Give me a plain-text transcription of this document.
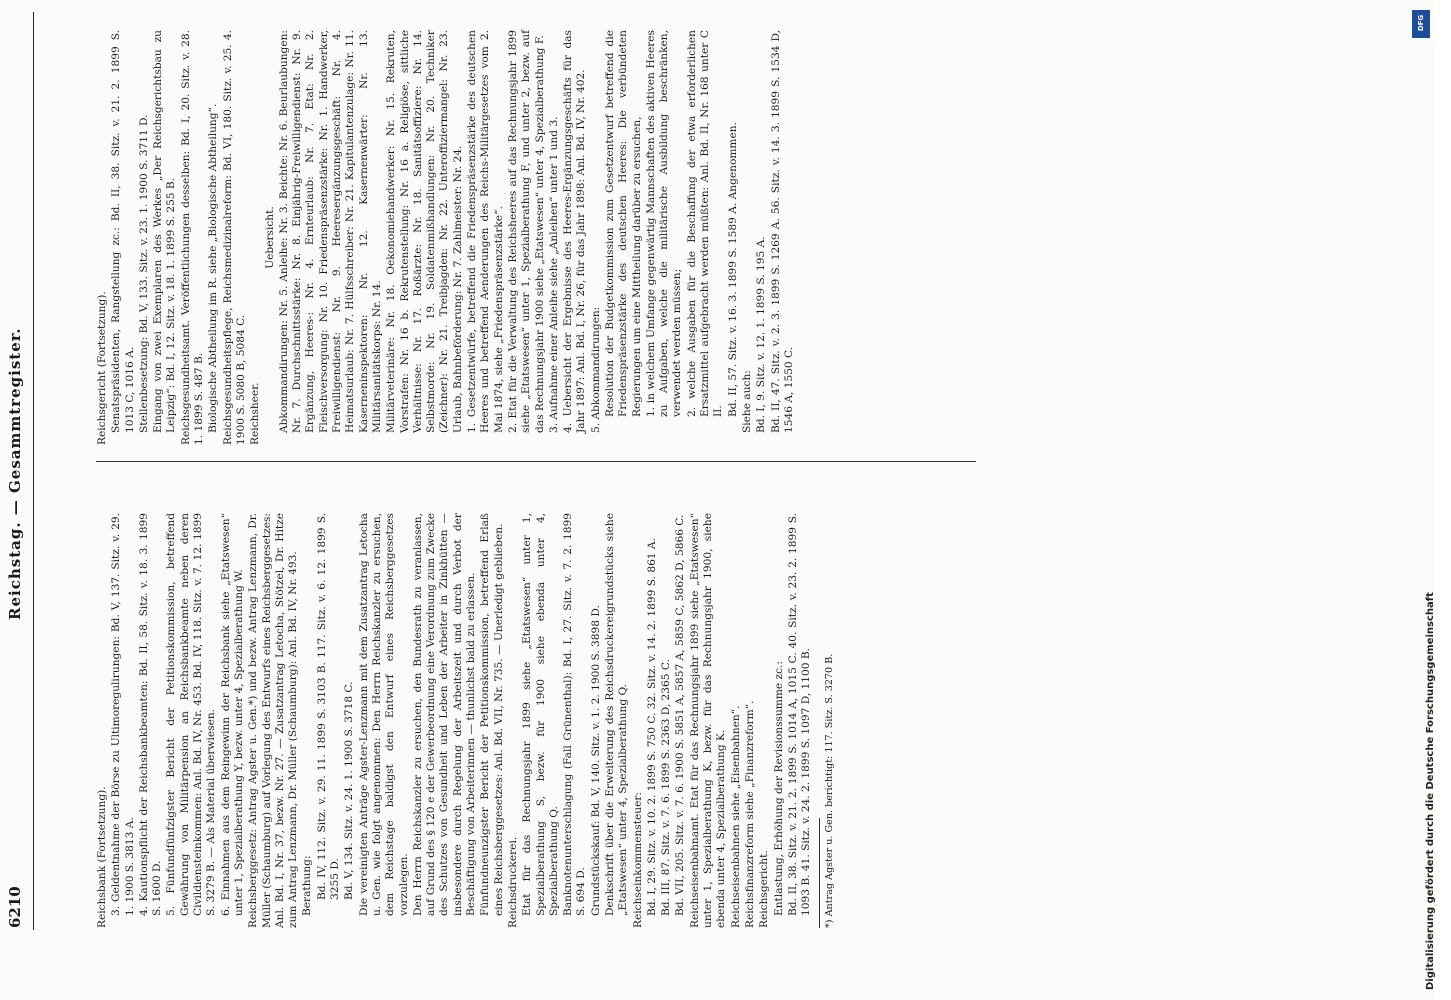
6210
Reichstag. — Gesammtregister.

Reichsbank (Fortsetzung). 3. Geldentnahme der Börse zu Ultimoregulirungen: Bd. V, 137. Sitz. v. 29. 1. 1900 S. 3813 A. 4. Kautionspflicht der Reichsbankbeamten: Bd. II, 58. Sitz. v. 18. 3. 1899 S. 1600 D. 5. Fünfundfünfzigster Bericht der Petitionskommission, betreffend Gewährung von Militärpension an Reichsbankbeamte neben deren Civildiensteinkommen: Anl. Bd. IV, Nr. 453. Bd. IV, 118. Sitz. v. 7. 12. 1899 S. 3279 B. — Als Material überwiesen. 6. Einnahmen aus dem Reingewinn der Reichsbank siehe „Etatswesen“ unter 1, Spezialberathung Y, bezw. unter 4, Spezialberathung W. Reichsberggesetz: Antrag Agster u. Gen.*) und bezw. Antrag Lenzmann, Dr. Müller (Schaumburg) auf Vorlegung des Entwurfs eines Reichsberggesetzes: Anl. Bd. I, Nr. 37, bezw. Nr. 27. — Zusatzantrag Letocha, Stötzel, Dr. Hitze zum Antrag Lenzmann, Dr. Müller (Schaumburg): Anl. Bd. IV, Nr. 493. Berathung: Bd. IV, 112. Sitz. v. 29. 11. 1899 S. 3103 B. 117. Sitz. v. 6. 12. 1899 S. 3255 D. Bd. V, 134. Sitz. v. 24. 1. 1900 S. 3718 C. Die vereinigten Anträge Agster-Lenzmann mit dem Zusatzantrag Letocha u. Gen. wie folgt angenommen: Den Herrn Reichskanzler zu ersuchen, dem Reichstage baldigst den Entwurf eines Reichsberggesetzes vorzulegen. Den Herrn Reichskanzler zu ersuchen, den Bundesrath zu veranlassen, auf Grund des § 120 e der Gewerbeordnung eine Verordnung zum Zwecke des Schutzes von Gesundheit und Leben der Arbeiter in Zinkhütten — insbesondere durch Regelung der Arbeitszeit und durch Verbot der Beschäftigung von Arbeiterinnen — thunlichst bald zu erlassen. Fünfundneunzigster Bericht der Petitionskommission, betreffend Erlaß eines Reichsberggesetzes: Anl. Bd. VII, Nr. 735. — Unerledigt geblieben. Reichsdruckerei. Etat für das Rechnungsjahr 1899 siehe „Etatswesen“ unter 1, Spezialberathung S, bezw. für 1900 siehe ebenda unter 4, Spezialberathung Q. Banknotenunterschlagung (Fall Grünenthal): Bd. I, 27. Sitz. v. 7. 2. 1899 S. 694 D. Grundstückskauf: Bd. V, 140. Sitz. v. 1. 2. 1900 S. 3898 D. Denkschrift über die Erweiterung des Reichsdruckereigrundstücks siehe „Etatswesen“ unter 4, Spezialberathung Q. Reichseinkommensteuer: Bd. I, 29. Sitz. v. 10. 2. 1899 S. 750 C. 32. Sitz. v. 14. 2. 1899 S. 861 A. Bd. III, 87. Sitz. v. 7. 6. 1899 S. 2363 D, 2365 C. Bd. VII, 205. Sitz. v. 7. 6. 1900 S. 5851 A, 5857 A, 5859 C, 5862 D, 5866 C. Reichseisenbahnamt. Etat für das Rechnungsjahr 1899 siehe „Etatswesen“ unter 1, Spezialberathung K, bezw. für das Rechnungsjahr 1900, siehe ebenda unter 4, Spezialberathung K. Reichseisenbahnen siehe „Eisenbahnen“. Reichsfinanzreform siehe „Finanzreform“. Reichsgericht. Entlastung, Erhöhung der Revisionssumme zc.: Bd. II, 38. Sitz. v. 21. 2. 1899 S. 1014 A, 1015 C. 40. Sitz. v. 23. 2. 1899 S. 1093 B. 41. Sitz. v. 24. 2. 1899 S. 1097 D, 1100 B. *) Antrag Agster u. Gen. berichtigt: 117. Sitz. S. 3270 B.

Reichsgericht (Fortsetzung). Senatspräsidenten, Rangstellung zc.: Bd. II, 38. Sitz. v. 21. 2. 1899 S. 1013 C, 1016 A. Stellenbesetzung: Bd. V, 133. Sitz. v. 23. 1. 1900 S. 3711 D. Eingang von zwei Exemplaren des Werkes „Der Reichsgerichtsbau zu Leipzig“: Bd. I, 12. Sitz. v. 18. 1. 1899 S. 255 B. Reichsgesundheitsamt. Veröffentlichungen desselben: Bd. I, 20. Sitz. v. 28. 1. 1899 S. 487 B. Biologische Abtheilung im R. siehe „Biologische Abtheilung“. Reichsgesundheitspflege, Reichsmedizinalreform: Bd. VI, 180. Sitz. v. 25. 4. 1900 S. 5080 B, 5084 C. Reichsheer.

Uebersicht. Abkommandirungen: Nr. 5. Anleihe: Nr. 3. Beichte: Nr. 6. Beurlaubungen: Nr. 7. Durchschnittsstärke: Nr. 8. Einjährig-Freiwilligendienst: Nr. 9. Ergänzung, Heeres-: Nr. 4. Ernteurlaub: Nr. 7. Etat: Nr. 2. Fleischversorgung: Nr. 10. Friedenspräsenzstärke: Nr. 1. Handwerker, Freiwilligendienst: Nr. 9. Heeresergänzungsgeschäft: Nr. 4. Heimatsurlaub: Nr. 7. Hülfsschreiber: Nr. 21. Kapitulantenzulage: Nr. 11. Kaserneninspektoren: Nr. 12. Kasernenwärter: Nr. 13. Militärsanitätskorps: Nr. 14. Militärveterinäre: Nr. 18. Oekonomiehandwerker: Nr. 15. Rekruten, Vorstrafen: Nr. 16 b. Rekrutenstellung: Nr. 16 a. Religiöse, sittliche Verhältnisse: Nr. 17. Roßärzte: Nr. 18. Sanitätsoffiziere: Nr. 14. Selbstmorde: Nr. 19. Soldatenmißhandlungen: Nr. 20. Techniker (Zeichner): Nr. 21. Treibjagden: Nr. 22. Unteroffiziermangel: Nr. 23. Urlaub, Bahnbeförderung: Nr. 7. Zahlmeister: Nr. 24. 1. Gesetzentwürfe, betreffend die Friedenspräsenzstärke des deutschen Heeres und betreffend Aenderungen des Reichs-Militärgesetzes vom 2. Mai 1874, siehe „Friedenspräsenzstärke“. 2. Etat für die Verwaltung des Reichsheeres auf das Rechnungsjahr 1899 siehe „Etatswesen“ unter 1, Spezialberathung F, und unter 2, bezw. auf das Rechnungsjahr 1900 siehe „Etatswesen“ unter 4, Spezialberathung F. 3. Aufnahme einer Anleihe siehe „Anleihen“ unter 1 und 3. 4. Uebersicht der Ergebnisse des Heeres-Ergänzungsgeschäfts für das Jahr 1897: Anl. Bd. I, Nr. 26, für das Jahr 1898: Anl. Bd. IV, Nr. 402. 5. Abkommandirungen: Resolution der Budgetkommission zum Gesetzentwurf betreffend die Friedenspräsenzstärke des deutschen Heeres: Die verbündeten Regierungen um eine Mittheilung darüber zu ersuchen, 1. in welchem Umfange gegenwärtig Mannschaften des aktiven Heeres zu Aufgaben, welche die militärische Ausbildung beschränken, verwendet werden müssen; 2. welche Ausgaben für die Beschaffung der etwa erforderlichen Ersatzmittel aufgebracht werden müßten: Anl. Bd. II, Nr. 168 unter C II. Bd. II, 57. Sitz. v. 16. 3. 1899 S. 1589 A. Angenommen. Siehe auch: Bd. I, 9. Sitz. v. 12. 1. 1899 S. 195 A. Bd. II, 47. Sitz. v. 2. 3. 1899 S. 1269 A. 56. Sitz. v. 14. 3. 1899 S. 1534 D, 1546 A, 1550 C.

Digitalisierung gefördert durch die Deutsche Forschungsgemeinschaft
DFG
